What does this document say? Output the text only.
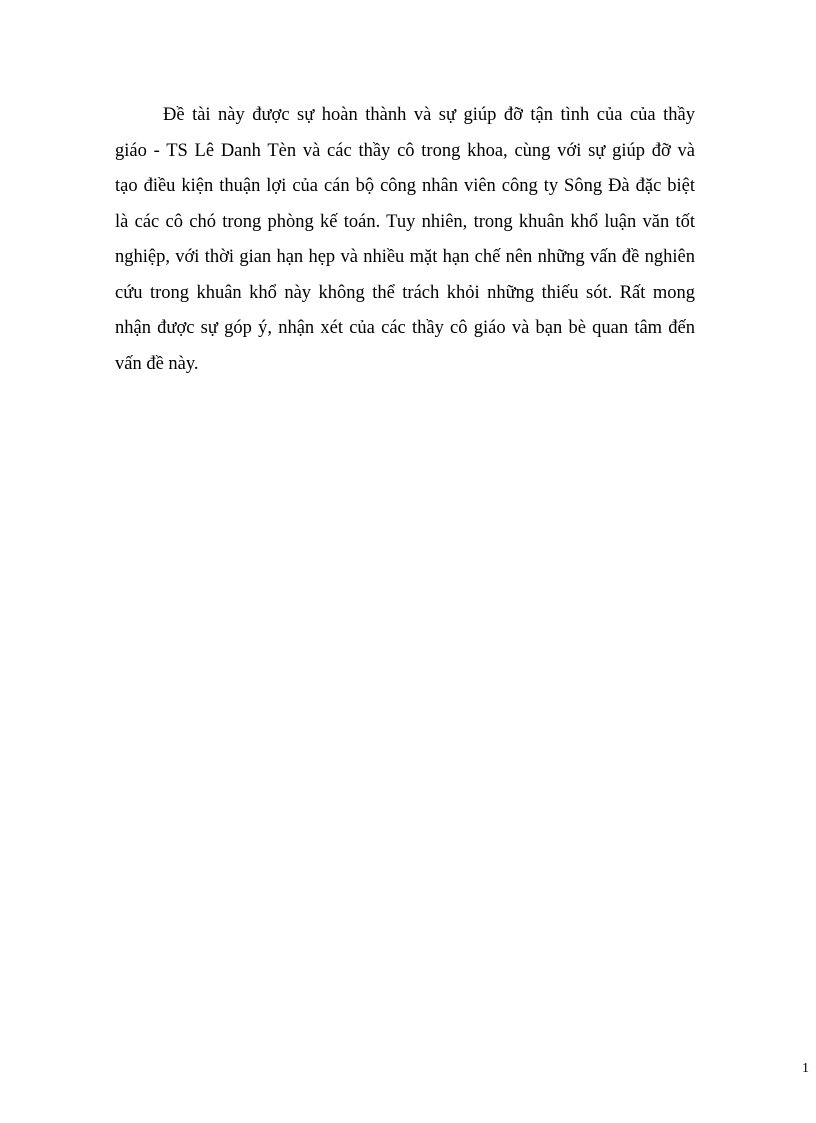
Đề tài này được sự hoàn thành và sự giúp đỡ tận tình của của thầy
giáo - TS Lê Danh Tèn và các thầy cô trong khoa, cùng với sự giúp đỡ và
tạo điều kiện thuận lợi của cán bộ công nhân viên công ty Sông Đà đặc biệt
là các cô chó trong phòng kế toán. Tuy nhiên, trong khuân khổ luận văn tốt
nghiệp, với thời gian hạn hẹp và nhiều mặt hạn chế nên những vấn đề nghiên
cứu trong khuân khổ này không thể trách khỏi những thiếu sót. Rất mong
nhận được sự góp ý, nhận xét của các thầy cô giáo và bạn bè quan tâm đến
vấn đề này.

1
